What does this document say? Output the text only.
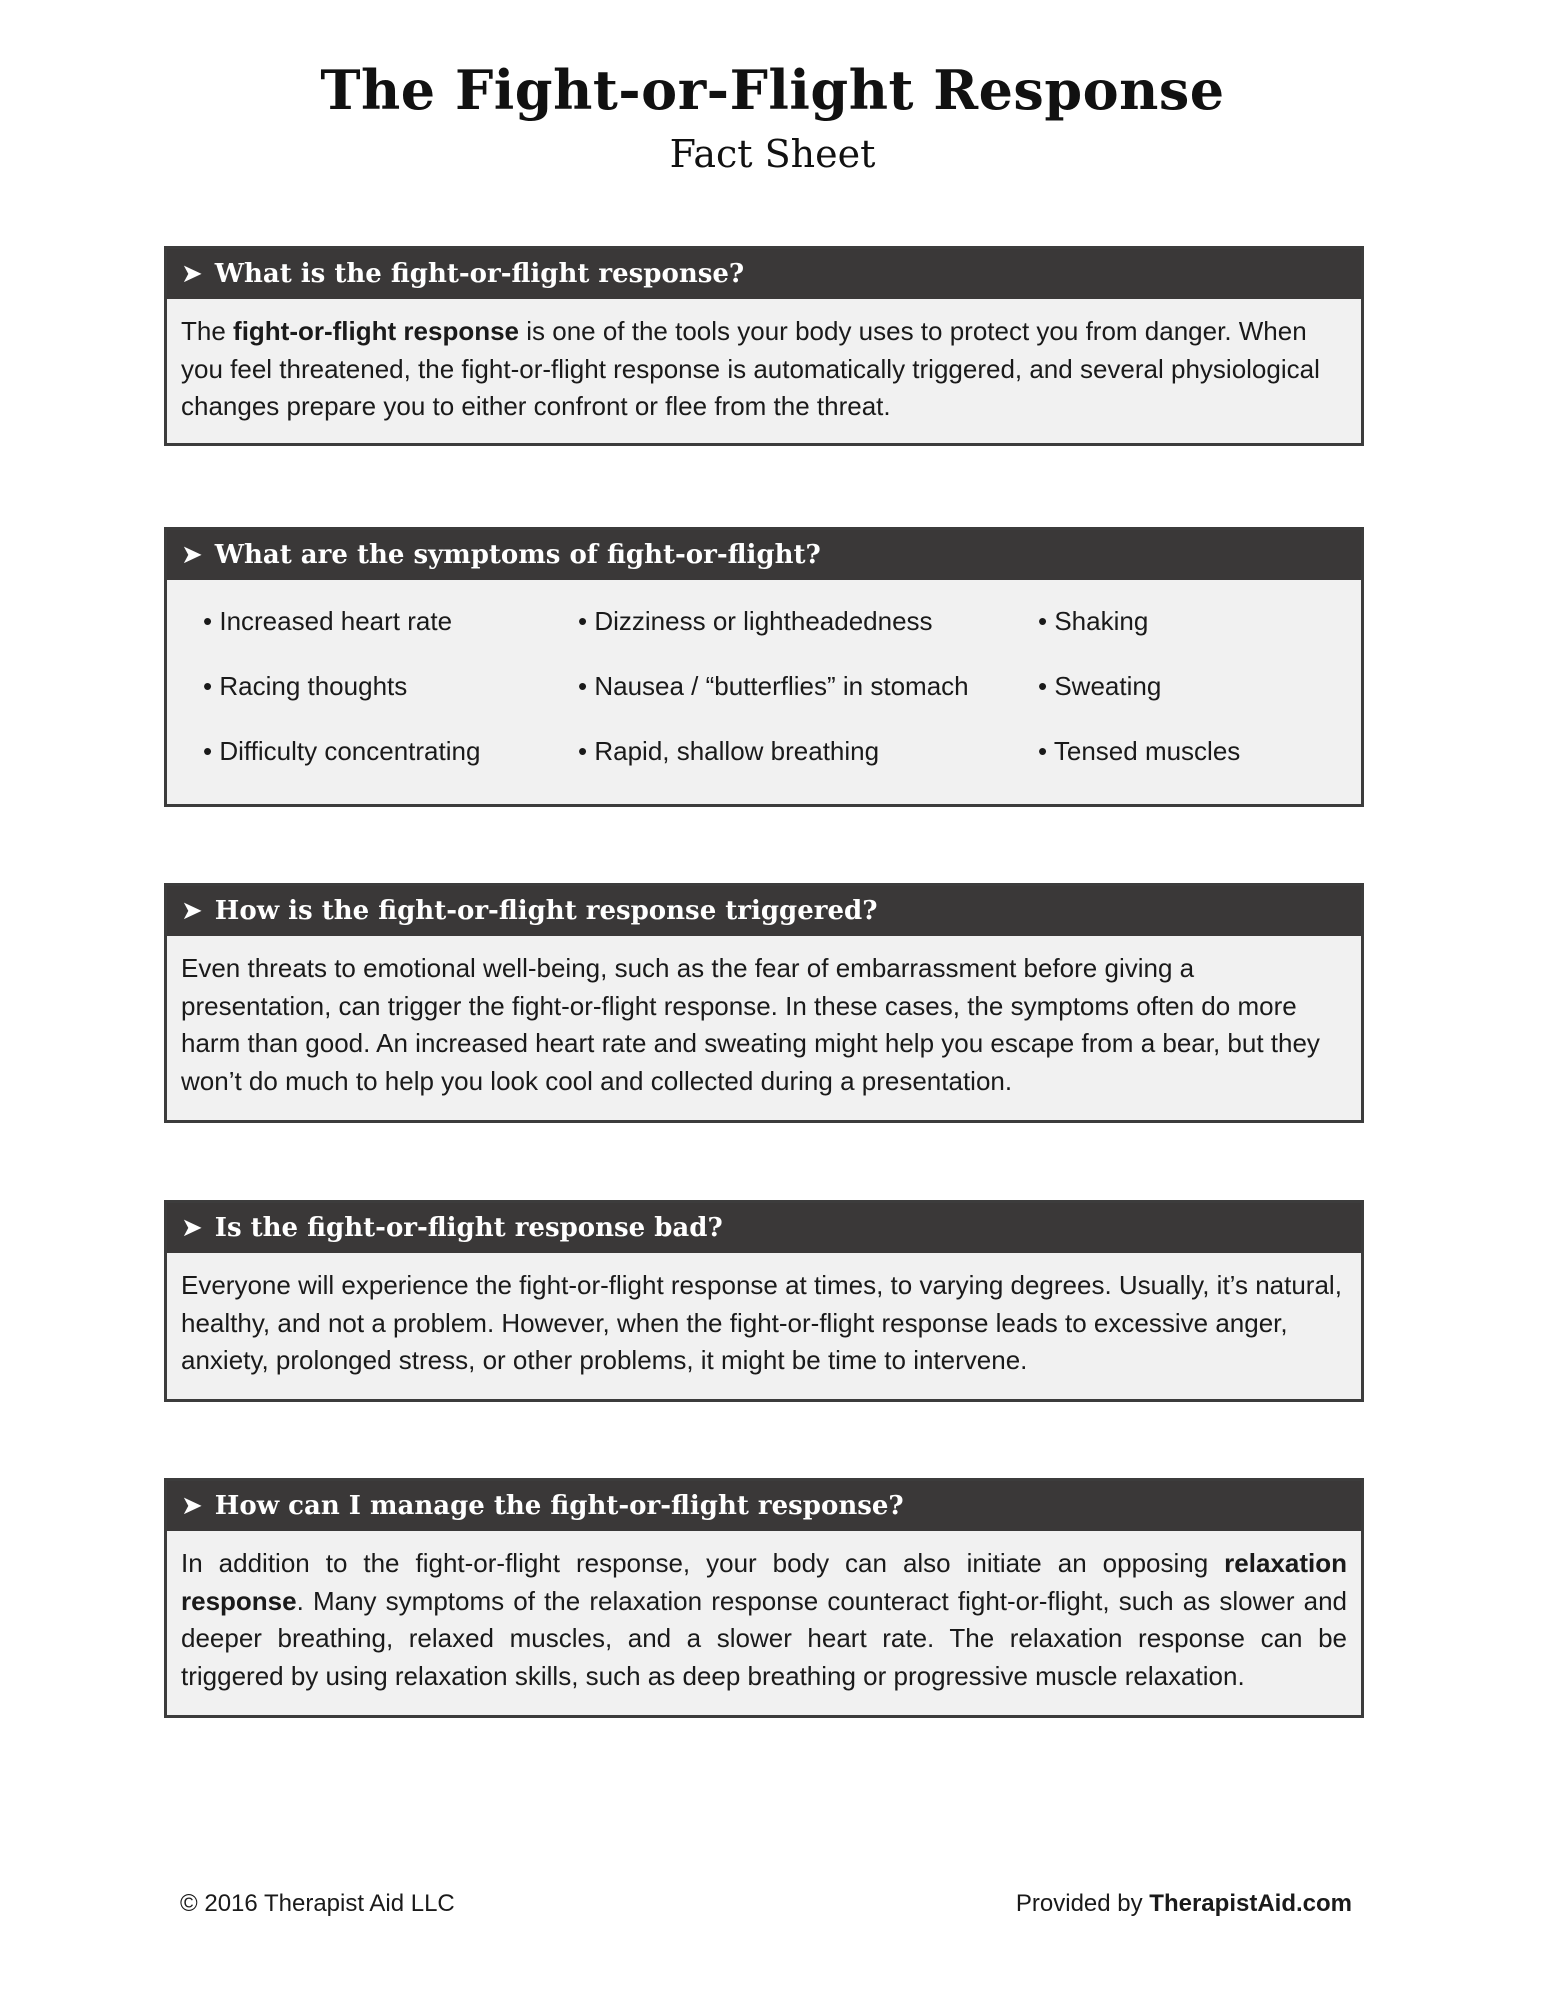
The Fight-or-Flight Response
Fact Sheet
➤ What is the fight-or-flight response?
The fight-or-flight response is one of the tools your body uses to protect you from danger. When you feel threatened, the fight-or-flight response is automatically triggered, and several physiological changes prepare you to either confront or flee from the threat.
➤ What are the symptoms of fight-or-flight?
• Increased heart rate	• Dizziness or lightheadedness	• Shaking
• Racing thoughts	• Nausea / “butterflies” in stomach	• Sweating
• Difficulty concentrating	• Rapid, shallow breathing	• Tensed muscles
➤ How is the fight-or-flight response triggered?
Even threats to emotional well-being, such as the fear of embarrassment before giving a presentation, can trigger the fight-or-flight response. In these cases, the symptoms often do more harm than good. An increased heart rate and sweating might help you escape from a bear, but they won’t do much to help you look cool and collected during a presentation.
➤ Is the fight-or-flight response bad?
Everyone will experience the fight-or-flight response at times, to varying degrees. Usually, it’s natural, healthy, and not a problem. However, when the fight-or-flight response leads to excessive anger, anxiety, prolonged stress, or other problems, it might be time to intervene.
➤ How can I manage the fight-or-flight response?
In addition to the fight-or-flight response, your body can also initiate an opposing relaxation response. Many symptoms of the relaxation response counteract fight-or-flight, such as slower and deeper breathing, relaxed muscles, and a slower heart rate. The relaxation response can be triggered by using relaxation skills, such as deep breathing or progressive muscle relaxation.
© 2016 Therapist Aid LLC	Provided by TherapistAid.com
